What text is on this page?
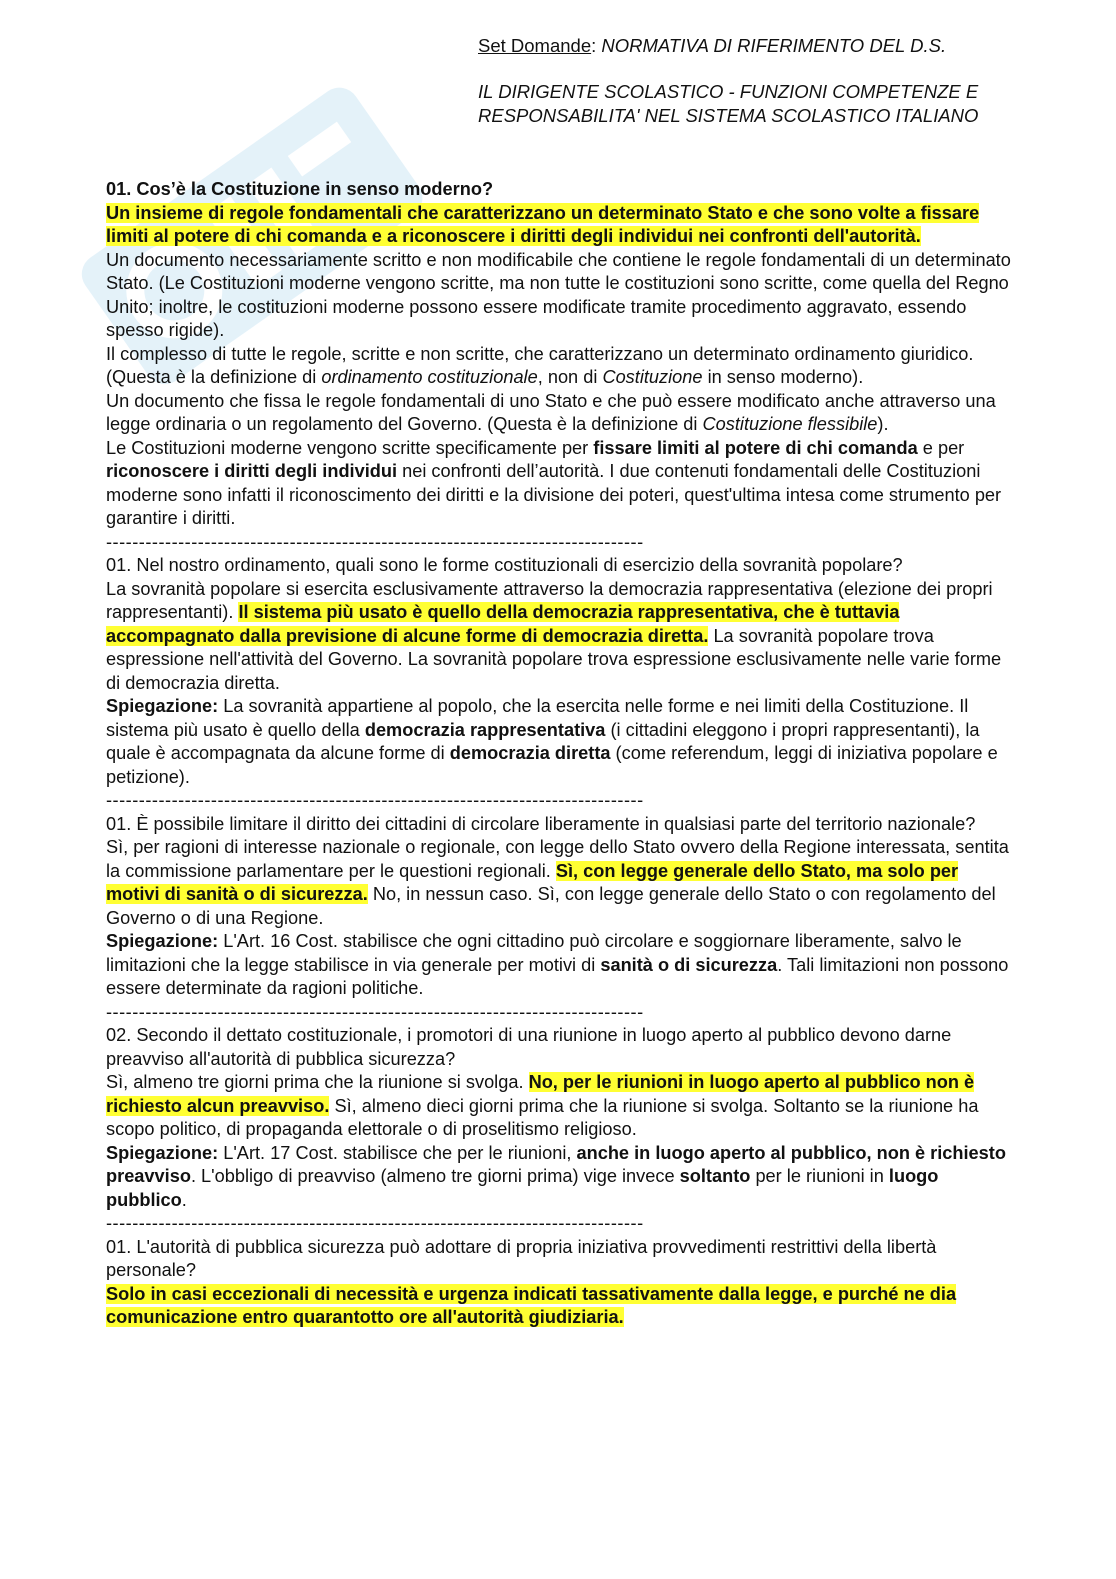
Set Domande: NORMATIVA DI RIFERIMENTO DEL D.S.

IL DIRIGENTE SCOLASTICO - FUNZIONI COMPETENZE E

RESPONSABILITA' NEL SISTEMA SCOLASTICO ITALIANO

01. Cos’è la Costituzione in senso moderno?

Un insieme di regole fondamentali che caratterizzano un determinato Stato e che sono volte a fissare limiti al potere di chi comanda e a riconoscere i diritti degli individui nei confronti dell'autorità.

Un documento necessariamente scritto e non modificabile che contiene le regole fondamentali di un determinato Stato. (Le Costituzioni moderne vengono scritte, ma non tutte le costituzioni sono scritte, come quella del Regno Unito; inoltre, le costituzioni moderne possono essere modificate tramite procedimento aggravato, essendo spesso rigide).

Il complesso di tutte le regole, scritte e non scritte, che caratterizzano un determinato ordinamento giuridico. (Questa è la definizione di ordinamento costituzionale, non di Costituzione in senso moderno).

Un documento che fissa le regole fondamentali di uno Stato e che può essere modificato anche attraverso una legge ordinaria o un regolamento del Governo. (Questa è la definizione di Costituzione flessibile).

Le Costituzioni moderne vengono scritte specificamente per fissare limiti al potere di chi comanda e per riconoscere i diritti degli individui nei confronti dell’autorità. I due contenuti fondamentali delle Costituzioni moderne sono infatti il riconoscimento dei diritti e la divisione dei poteri, quest'ultima intesa come strumento per garantire i diritti.

----------------------------------------------------------------------------------

01. Nel nostro ordinamento, quali sono le forme costituzionali di esercizio della sovranità popolare?

La sovranità popolare si esercita esclusivamente attraverso la democrazia rappresentativa (elezione dei propri rappresentanti). Il sistema più usato è quello della democrazia rappresentativa, che è tuttavia accompagnato dalla previsione di alcune forme di democrazia diretta. La sovranità popolare trova espressione nell'attività del Governo. La sovranità popolare trova espressione esclusivamente nelle varie forme di democrazia diretta.

Spiegazione: La sovranità appartiene al popolo, che la esercita nelle forme e nei limiti della Costituzione. Il sistema più usato è quello della democrazia rappresentativa (i cittadini eleggono i propri rappresentanti), la quale è accompagnata da alcune forme di democrazia diretta (come referendum, leggi di iniziativa popolare e petizione).

----------------------------------------------------------------------------------

01. È possibile limitare il diritto dei cittadini di circolare liberamente in qualsiasi parte del territorio nazionale?

Sì, per ragioni di interesse nazionale o regionale, con legge dello Stato ovvero della Regione interessata, sentita la commissione parlamentare per le questioni regionali. Sì, con legge generale dello Stato, ma solo per motivi di sanità o di sicurezza. No, in nessun caso. Sì, con legge generale dello Stato o con regolamento del Governo o di una Regione.

Spiegazione: L'Art. 16 Cost. stabilisce che ogni cittadino può circolare e soggiornare liberamente, salvo le limitazioni che la legge stabilisce in via generale per motivi di sanità o di sicurezza. Tali limitazioni non possono essere determinate da ragioni politiche.

----------------------------------------------------------------------------------

02. Secondo il dettato costituzionale, i promotori di una riunione in luogo aperto al pubblico devono darne preavviso all'autorità di pubblica sicurezza?

Sì, almeno tre giorni prima che la riunione si svolga. No, per le riunioni in luogo aperto al pubblico non è richiesto alcun preavviso. Sì, almeno dieci giorni prima che la riunione si svolga. Soltanto se la riunione ha scopo politico, di propaganda elettorale o di proselitismo religioso.

Spiegazione: L'Art. 17 Cost. stabilisce che per le riunioni, anche in luogo aperto al pubblico, non è richiesto preavviso. L'obbligo di preavviso (almeno tre giorni prima) vige invece soltanto per le riunioni in luogo pubblico.

----------------------------------------------------------------------------------

01. L'autorità di pubblica sicurezza può adottare di propria iniziativa provvedimenti restrittivi della libertà personale?

Solo in casi eccezionali di necessità e urgenza indicati tassativamente dalla legge, e purché ne dia comunicazione entro quarantotto ore all'autorità giudiziaria.
